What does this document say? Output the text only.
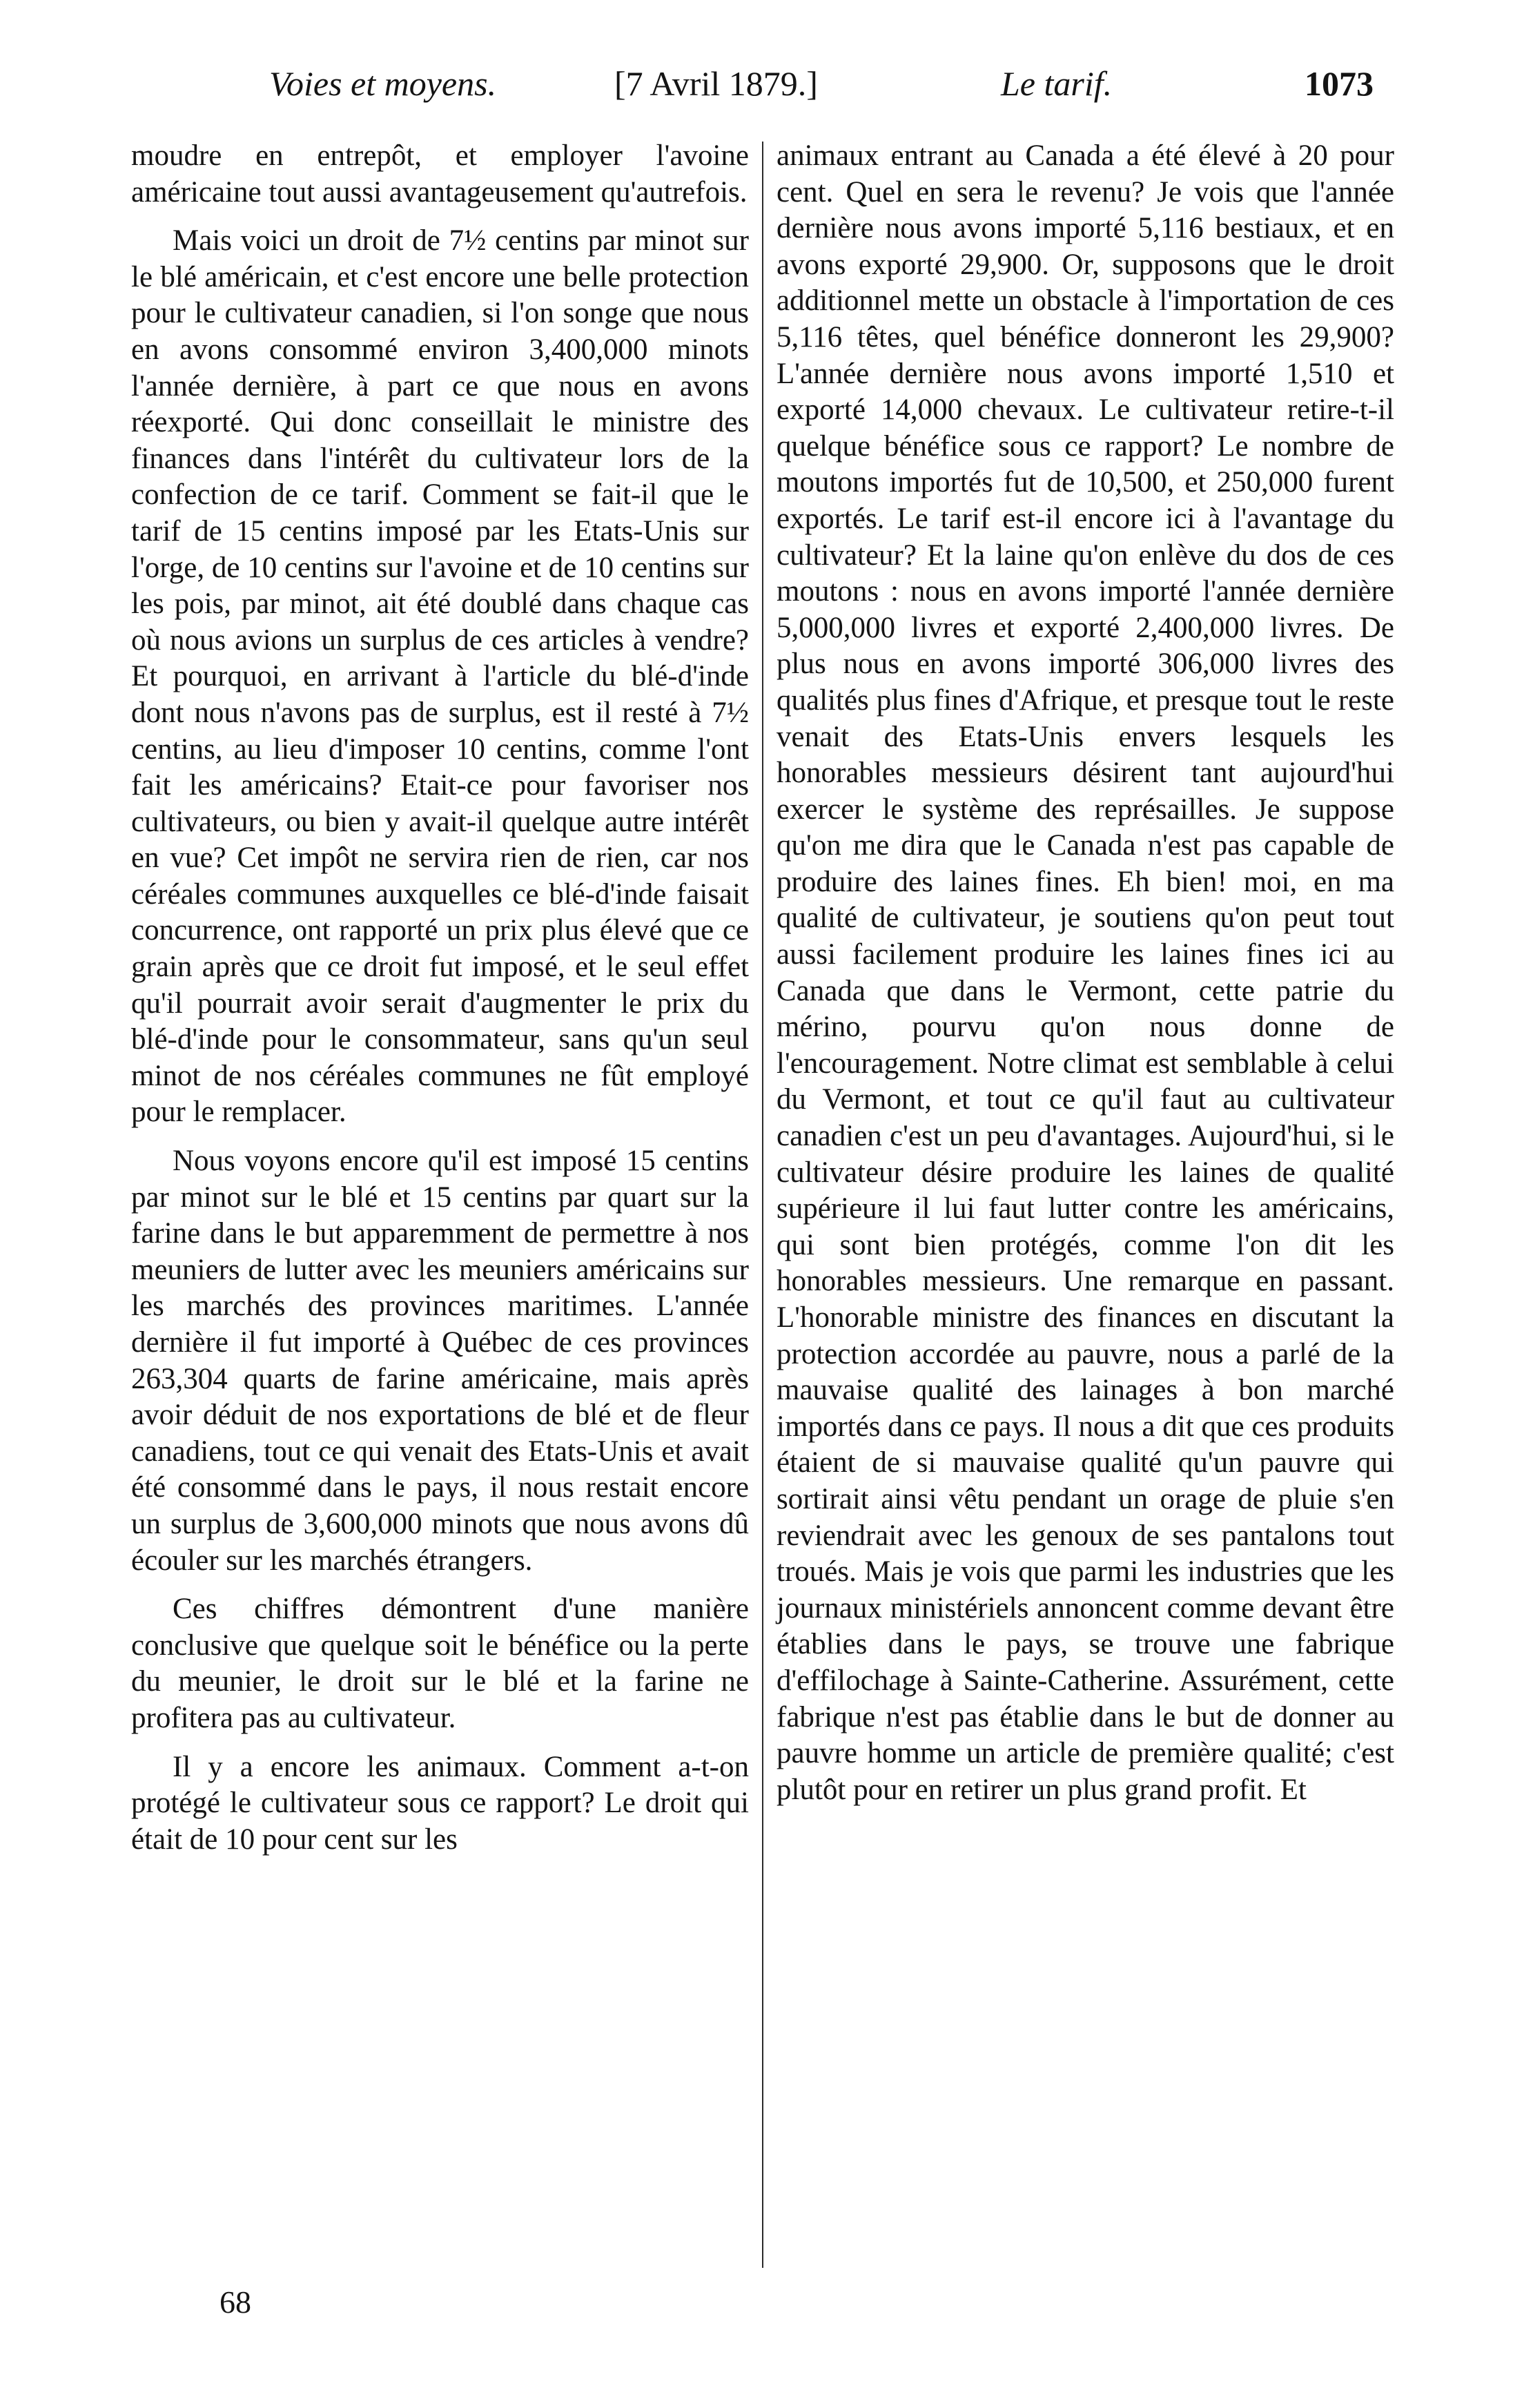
Voies et moyens.	[7 Avril 1879.]	Le tarif.	1073

moudre en entrepôt, et employer l'avoine américaine tout aussi avantageusement qu'autrefois.

Mais voici un droit de 7½ centins par minot sur le blé américain, et c'est encore une belle protection pour le cultivateur canadien, si l'on songe que nous en avons consommé environ 3,400,000 minots l'année dernière, à part ce que nous en avons réexporté. Qui donc conseillait le ministre des finances dans l'intérêt du cultivateur lors de la confection de ce tarif. Comment se fait-il que le tarif de 15 centins imposé par les Etats-Unis sur l'orge, de 10 centins sur l'avoine et de 10 centins sur les pois, par minot, ait été doublé dans chaque cas où nous avions un surplus de ces articles à vendre? Et pourquoi, en arrivant à l'article du blé-d'inde dont nous n'avons pas de surplus, est il resté à 7½ centins, au lieu d'imposer 10 centins, comme l'ont fait les américains? Etait-ce pour favoriser nos cultivateurs, ou bien y avait-il quelque autre intérêt en vue? Cet impôt ne servira rien de rien, car nos céréales communes auxquelles ce blé-d'inde faisait concurrence, ont rapporté un prix plus élevé que ce grain après que ce droit fut imposé, et le seul effet qu'il pourrait avoir serait d'augmenter le prix du blé-d'inde pour le consommateur, sans qu'un seul minot de nos céréales communes ne fût employé pour le remplacer.

Nous voyons encore qu'il est imposé 15 centins par minot sur le blé et 15 centins par quart sur la farine dans le but apparemment de permettre à nos meuniers de lutter avec les meuniers américains sur les marchés des provinces maritimes. L'année dernière il fut importé à Québec de ces provinces 263,304 quarts de farine américaine, mais après avoir déduit de nos exportations de blé et de fleur canadiens, tout ce qui venait des Etats-Unis et avait été consommé dans le pays, il nous restait encore un surplus de 3,600,000 minots que nous avons dû écouler sur les marchés étrangers.

Ces chiffres démontrent d'une manière conclusive que quelque soit le bénéfice ou la perte du meunier, le droit sur le blé et la farine ne profitera pas au cultivateur.

Il y a encore les animaux. Comment a-t-on protégé le cultivateur sous ce rapport? Le droit qui était de 10 pour cent sur les

animaux entrant au Canada a été élevé à 20 pour cent. Quel en sera le revenu? Je vois que l'année dernière nous avons importé 5,116 bestiaux, et en avons exporté 29,900. Or, supposons que le droit additionnel mette un obstacle à l'importation de ces 5,116 têtes, quel bénéfice donneront les 29,900? L'année dernière nous avons importé 1,510 et exporté 14,000 chevaux. Le cultivateur retire-t-il quelque bénéfice sous ce rapport? Le nombre de moutons importés fut de 10,500, et 250,000 furent exportés. Le tarif est-il encore ici à l'avantage du cultivateur? Et la laine qu'on enlève du dos de ces moutons : nous en avons importé l'année dernière 5,000,000 livres et exporté 2,400,000 livres. De plus nous en avons importé 306,000 livres des qualités plus fines d'Afrique, et presque tout le reste venait des Etats-Unis envers lesquels les honorables messieurs désirent tant aujourd'hui exercer le système des représailles. Je suppose qu'on me dira que le Canada n'est pas capable de produire des laines fines. Eh bien! moi, en ma qualité de cultivateur, je soutiens qu'on peut tout aussi facilement produire les laines fines ici au Canada que dans le Vermont, cette patrie du mérino, pourvu qu'on nous donne de l'encouragement. Notre climat est semblable à celui du Vermont, et tout ce qu'il faut au cultivateur canadien c'est un peu d'avantages. Aujourd'hui, si le cultivateur désire produire les laines de qualité supérieure il lui faut lutter contre les américains, qui sont bien protégés, comme l'on dit les honorables messieurs. Une remarque en passant. L'honorable ministre des finances en discutant la protection accordée au pauvre, nous a parlé de la mauvaise qualité des lainages à bon marché importés dans ce pays. Il nous a dit que ces produits étaient de si mauvaise qualité qu'un pauvre qui sortirait ainsi vêtu pendant un orage de pluie s'en reviendrait avec les genoux de ses pantalons tout troués. Mais je vois que parmi les industries que les journaux ministériels annoncent comme devant être établies dans le pays, se trouve une fabrique d'effilochage à Sainte-Catherine. Assurément, cette fabrique n'est pas établie dans le but de donner au pauvre homme un article de première qualité; c'est plutôt pour en retirer un plus grand profit. Et

68
